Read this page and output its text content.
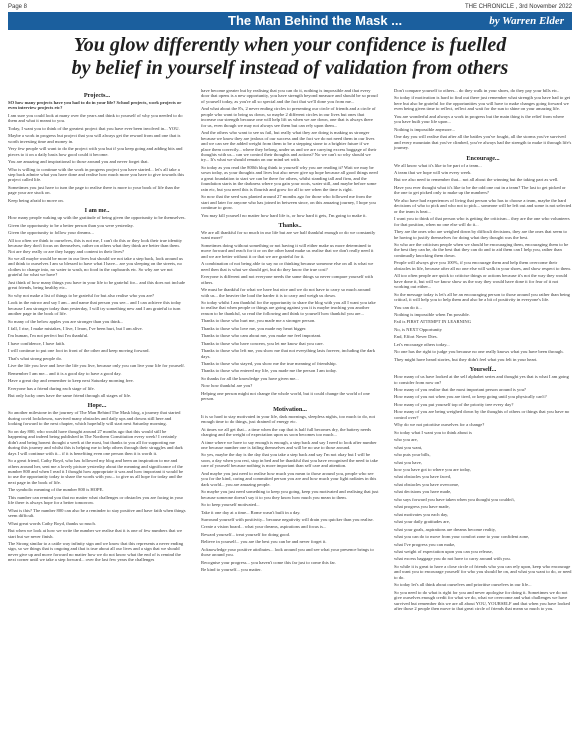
Page 8	THE CHRONICLE , 3rd November 2022
The Man Behind the Mask ...	by Warren Elder
You glow differently when your confidence is fuelled
by belief in yourself instead of validation from others
Projects...

SO how many projects have you had to do in your life? School projects, work projects or even interview projects etc?

I am sure you could look at many over the years and think to yourself of why you needed to do them and what it meant to you.

Today, I want you to think of the greatest project that you have ever been involved in... YOU.

Maybe a work in progress but project that you will always get the reward from and one that is worth investing time and money in.

Very few people will want to do the project with you but if you keep going and adding bits and pieces to it on a daily basis how good could it become.

You are amazing and inspirational to those around you and never forget that.

Who is willing to continue with the work in progress project you have started... let's all take a step back admire what you have done and realise how much more you have to give towards this project called life.

Sometimes you just have to turn the page to realise there is more to your book of life than the page your are stuck on.

Keep being afraid to move on.

I am me..

How many people waking up with the gratitude of being given the opportunity to be themselves.

Given the opportunity to be a better person than you were yesterday.

Given the opportunity to follow your dreams...

All too often we think to ourselves, this is not me, I can't do this or they look their true identity because they don't focus on themselves, rather on others what they think are better than them. Not are they really or are they happy and content in their lives?

So we all maybe would be more in our lives but should we not take a step back, look around us and think to ourselves I am so blessed to have what I have... are you sleeping on the streets, no clothes to change into, no water to wash, no food in the cupboards etc. So why are we not grateful for what we have?

Just think of how many things you have in your life to be grateful for... and this does not include great friends, being healthy etc..

So why not make a list of things to be grateful for but also realise who you are?

Look in the mirror and say I am... and name that person you see... and I can achieve this today because I am stronger today than yesterday, I will try something new and I am grateful to turn another page in the book of life.

So many of the below apples you are stronger than you think...

I fall, I rise, I make mistakes, I live, I learn, I've been hurt, but I am alive.

I'm human, I'm not perfect but I'm thankful.

I have confidence, I have faith.

I will continue to put one foot in front of the other and keep moving forward.

That's what strong people do.

Live the life you love and love the life you live, because only you can live your life for yourself.

Remember I am me... and it is a good day to have a good day.

Have a great day and remember to keep next Saturday morning free.

Everyone has a friend during each stage of life.

But only lucky ones have the same friend through all stages of life.

Hope...

So another milestone in the journey of The Man Behind The Mask blog, a journey that started during covid lockdowns, survived many obstacles and daily ups and downs still here and looking forward to the next chapter, which hopefully will start next Saturday morning.

So on day 800, who would have thought around 27 months ago that this would still be happening and indeed being published in The Northern Constitution every week! I certainly didn't and being honest thought a week at the most, but thanks to you all for supporting me during this journey and whilst this is helping me to help others through their struggles and dark days I will continue with it... if it is benefiting even one person then it is worth it.

So a great friend, Cathy Boyd, who has followed my blog and been an inspiration to me and others around her, sent me a lovely picture yesterday about the meaning and significance of the number 800 and when I read it I thought how appropriate it was and how important it would be to use the opportunity today to share the words with you... to give us all hope for today and the next page in the book of life.

The symbolic meaning of the number 800 is HOPE.

This number can remind you that no matter what challenges or obstacles you are facing in your life there is always hope for a better tomorrow.

What is this? The number 800 can also be a reminder to stay positive and have faith when things seem difficult.

What great words Cathy Boyd, thanks so much.

But when we look at how we write the number we realise that it is one of few numbers that we start but we never finish.

The Strong similar to a cattle way infinity sign and we know that this represents a never ending sign, so we things that is ongoing and that is true about all our lives and a sign that we should never give up and move forward no matter how we do not know what the end of is remind the next corner until we take a step forward... over the last few years the challenges

have become greater but by realising that you can do it, nothing is impossible and that every door that opens is a new opportunity, you have strength beyond measure and should be so proud of yourself today, as you're all so special and the fact that we'll done you from me...

And what about the 8's, 2 never ending circles to presenting our circle of friends and a circle of people who want to bring us down, so maybe 2 different circles in our lives but ones that increase our strength because one will help lift us when we are down, one that is always there for us, even though we may not always see them but can rely upon them...

And the others who want to see us fail, but really what they are doing is making us stronger because we know they are jealous of our success and the fact we do not need them in our lives and we can see the added weight from them to be a stepping stone to a brighter future if we place them correctly... where they belong, under us and we are carrying excess baggage of their thoughts with us... can we control their thoughts and actions? No we can't so why should we try... It's what we should remain on our mind set with.

So today as you read the 800th blog think to yourself why you are reading it? Wait we may be sown today, as your thoughts and lives but also never give up hope because all good things need a great foundation to start we can be there for others, whilst standing tall and firm, and the foundation starts in the darkness where you gain your roots, water still, and maybe before some rain etc, but you need this is flourish and grow for all to see when the time is right.

So now that the seed was planted around 27 months ago for those who followed me from the start and later for anyone who has joined in between since, on this amazing journey, I hope you continue to grow.

You may kill yourself no matter how hard life is, or how hard it gets, I'm going to make it.

Thanks..

We are all thankful for so much in our life but are we half thankful enough or do we constantly want more?

Sometimes doing without something or not having it will either make us more determined to move forward and reach for it or on the other hand make us realise that we don't really need it and we are better without it or that we are grateful for it.

A combination of not being able to say no or thinking because someone else on all is what we need then that is what we should get, but do they know the true cost?

Everyone is different and not everyone needs the same things so never compare yourself with others.

We must be thankful for what we have but nice and we do not have to carry so much around with us... the heavier the load the harder it is to carry and weigh us down.

So today whilst I am thankful for the opportunity to share the blog with you all I want you take to realise that when people or things are going against you it is maybe teaching you another reason to be thankful, so read the following and think to yourself how thankful you are...

Thanks to those who hurt me, you made me a stronger person.

Thanks to those who love me, you made my heart bigger.

Thanks to those who cam about me, you make me feel important.

Thanks to those who have concern, you let me know that you care.

Thanks to those who left me, you show me that not everything lasts forever, including the dark days.

Thanks to those who stayed, you show me the true meaning of friendship.

Thanks to those who entered my life, you made me the person I am today.

So thanks for all the knowledge you have given me...

Now how thankful are you?

Helping one person might not change the whole world, but it could change the world of one person.

Motivation...

It is so hard to stay motivated in your life, dark mornings, sleepless nights, too much to do, not enough time to do things, just drained of energy etc.

At times we all get that... a time when the cup that is half full becomes dry, the battery needs charging and the weight of expectation upon us soon becomes too much...

A time where we have to say enough is enough, a step back and say I need to look after number one because number one is failing themselves and will be no use to those around.

So yes, maybe the day is the day that you take a step back and say I'm not okay but I will be soon, a day when you rest, stop in bed and be thankful that you have recognised the need to take care of yourself because nothing is more important than self care and attention.

And maybe you just need to realise how much you mean to those around you, people who see you for the kind, caring and committed person you are and how much your light radiates in this dark world... you are amazing people.

So maybe you just need something to keep you going, keep you motivated and realising that just because someone doesn't say it to you they know how much you mean to them.

So to keep yourself motivated...

Take it one day at a time... Rome wasn't built in a day.

Surround yourself with positivity... because negativity will drain you quicker than you realise.

Create a vision board... what your dreams, aspirations and focus is...

Reward yourself... treat yourself for doing good.

Believe in yourself... you are the best you can be and never forget it.

Acknowledge your positive attributes... look around you and see what your presence brings to those around you.

Recognise your progress... you haven't come this far just to come this far.

Be kind to yourself... you matter.

Don't compare yourself to others... do they walk in your shoes, do they pay your bills etc..

So today if motivation is hard to find out there just remember what strength you have had to get here but also be grateful for the opportunities you will have to make changes going forward we even being given time to reflect, reflect and wait for the sun to shine on your amazing life.

You are wonderful and always a work in progress but the main thing is the relief from where you have built your life upon...

Nothing is impossible anymore...

One day you will realise that after all the battles you've fought, all the storms you've survived and every mountain that you've climbed, you've always had the strength to make it through life's journey.

Encourage...

We all know what it's like to be part of a team...

A team that we hope will win every week.

But we also need to remember that... not all about the winning but the taking part as well.

Have you ever thought what it's like to be the odd one out in a team? The last to get picked or the one to get picked only to make up the numbers?

We also have had experiences of living that person who has to choose a team, maybe the hard decisions of who to pick and who not to pick... someone will be left out and some is not selected or the team is beat...

I want you to think of that person who is getting the criticism... they are the one who volunteers for that position, when no one else will do it...

They are the ones who are weighed down by difficult decisions, they are the ones that seem to be having to justify themselves for doing what they thought was the best.

So who are the criticism people when we should be encouraging them, encouraging them to be the best they can be, do the best that they can do and to aid them can I help you, rather than continually knocking them down.

People will always give you 100%, if you encourage them and help them overcome their obstacles in life, because after all no one else will walk in your shoes, and show respect to them.

All too often people are quick to criticise things or actions because it's not the way they would have done it, but will we know show us the way they would have done it for fear of it not working out either...

So the message today is let's all be an encouraging person to those around you rather than being critical, it will help you to help them and also be a bit of positivity in everyone's life.

You can do it...

Nothing is impossible when I'm possible.

Fail is FIRST ATTEMPT IN LEARNING

No, is NEXT Opportunity

End, Effort Never Dies.

Let's encourage others today...

No one has the right to judge you because no one really knows what you have been through.

They might have heard stories, but they didn't feel what you felt in your heart.

Yourself...

How many of us have looked at the self alphabet series and thought yes that is what I am going to consider from now on?

How many of you realise that the most important person around is you?

How many of you not when you are tired, or keep going until you physically can't?

How many of you put yourself top of the priority tree every day?

How many of you are being weighed down by the thoughts of others or things that you have no control over?

Why do we not prioritise ourselves for a change?

So today what I want you to think about is

who you are,

what you want,

who puts your bills,

what you have,

how you have got to where you are today,

what obstacles you have faced,

what obstacles you have overcome,

what decisions you have made,

who says forward you have taken when you thought you couldn't,

what progress you have made,

what motivates you each day,

what your daily gratitudes are,

what your goals, aspirations are dreams become reality,

what you can do to move from your comfort zone to your confident zone,

what I've progress you can make,

what weight of expectation upon you can you release,

what excess baggage you do not have to carry around with you.

So while it is great to have a close circle of friends who you can rely upon, keep who encourage and want you to encourage yourself for who you should be on, and what you want to do, or need to do.

So today let's all think about ourselves and prioritise ourselves in our life...

So you need to do what is right for you and never apologise for doing it. Sometimes we do not give ourselves enough credit for what we do, what we overcome and what challenges we have survived but remember this we are all about YOU, YOURSELF and that when you have looked after those 2 people then move to that great circle of friends that mean so much to you.
